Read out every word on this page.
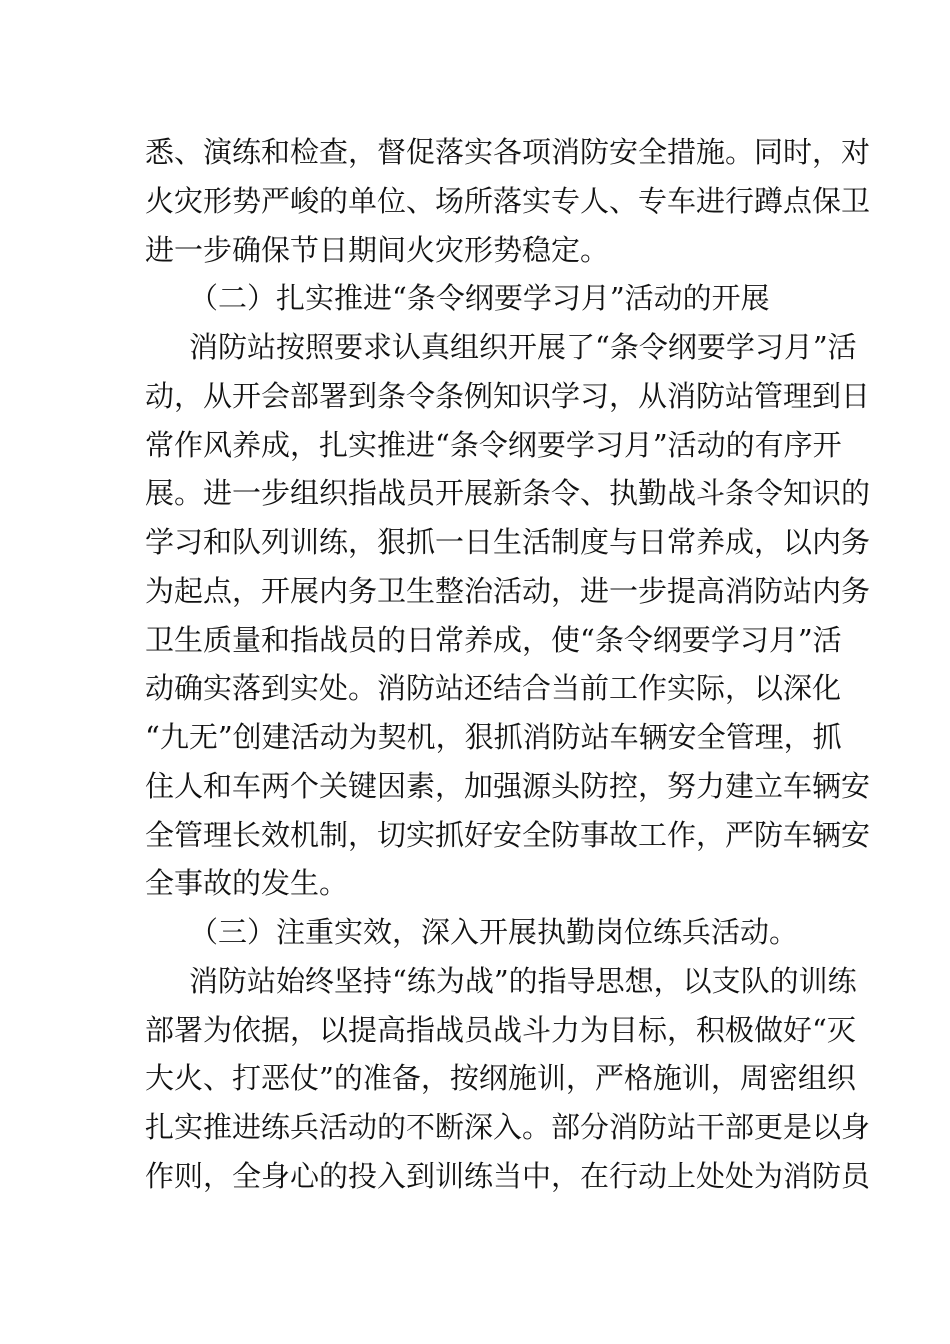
悉、演练和检查，督促落实各项消防安全措施。同时，对
火灾形势严峻的单位、场所落实专人、专车进行蹲点保卫
进一步确保节日期间火灾形势稳定。
（二）扎实推进“条令纲要学习月”活动的开展
消防站按照要求认真组织开展了“条令纲要学习月”活
动，从开会部署到条令条例知识学习，从消防站管理到日
常作风养成，扎实推进“条令纲要学习月”活动的有序开
展。进一步组织指战员开展新条令、执勤战斗条令知识的
学习和队列训练，狠抓一日生活制度与日常养成，以内务
为起点，开展内务卫生整治活动，进一步提高消防站内务
卫生质量和指战员的日常养成，使“条令纲要学习月”活
动确实落到实处。消防站还结合当前工作实际，以深化
“九无”创建活动为契机，狠抓消防站车辆安全管理，抓
住人和车两个关键因素，加强源头防控，努力建立车辆安
全管理长效机制，切实抓好安全防事故工作，严防车辆安
全事故的发生。
（三）注重实效，深入开展执勤岗位练兵活动。
消防站始终坚持“练为战”的指导思想，以支队的训练
部署为依据，以提高指战员战斗力为目标，积极做好“灭
大火、打恶仗”的准备，按纲施训，严格施训，周密组织
扎实推进练兵活动的不断深入。部分消防站干部更是以身
作则，全身心的投入到训练当中，在行动上处处为消防员
